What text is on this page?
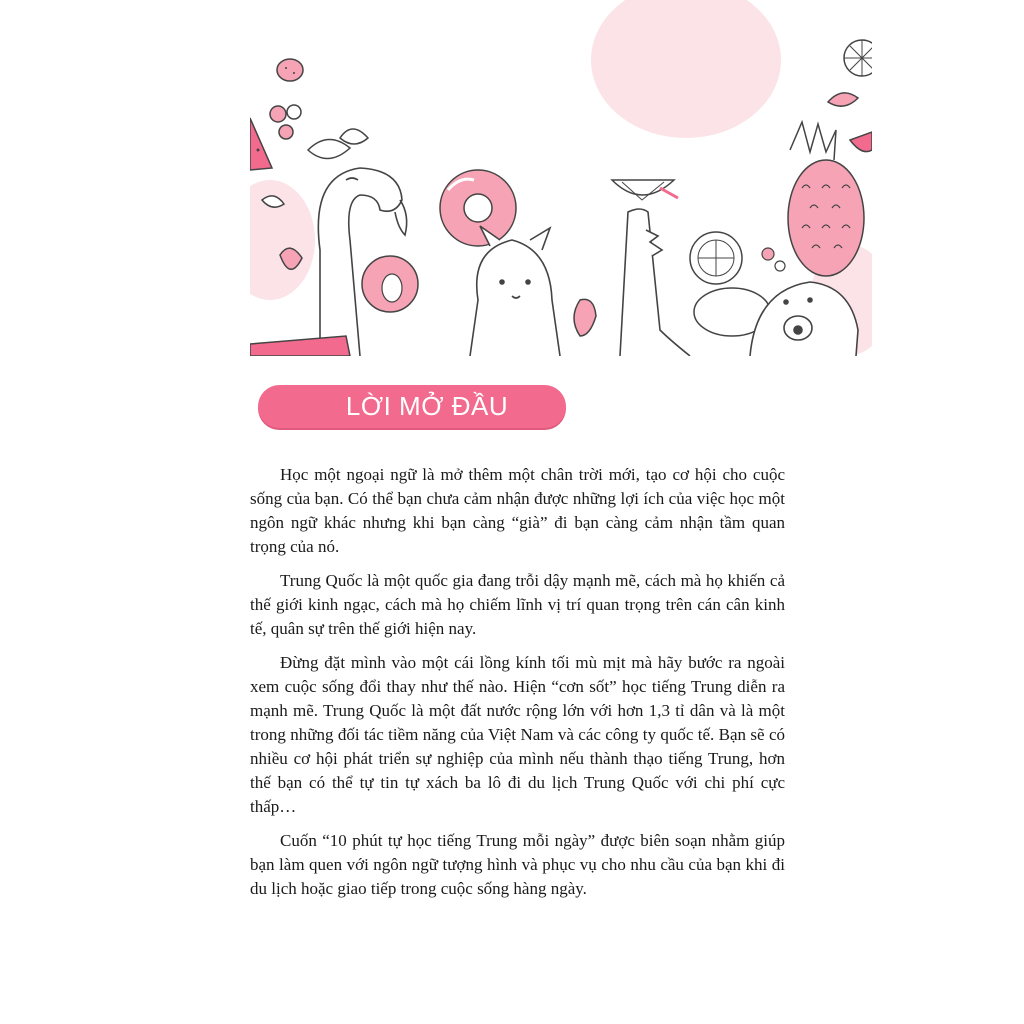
LỜI MỞ ĐẦU

Học một ngoại ngữ là mở thêm một chân trời mới, tạo cơ hội cho cuộc sống của bạn. Có thể bạn chưa cảm nhận được những lợi ích của việc học một ngôn ngữ khác nhưng khi bạn càng “già” đi bạn càng cảm nhận tầm quan trọng của nó.

Trung Quốc là một quốc gia đang trỗi dậy mạnh mẽ, cách mà họ khiến cả thế giới kinh ngạc, cách mà họ chiếm lĩnh vị trí quan trọng trên cán cân kinh tế, quân sự trên thế giới hiện nay.

Đừng đặt mình vào một cái lồng kính tối mù mịt mà hãy bước ra ngoài xem cuộc sống đổi thay như thế nào. Hiện “cơn sốt” học tiếng Trung diễn ra mạnh mẽ. Trung Quốc là một đất nước rộng lớn với hơn 1,3 tỉ dân và là một trong những đối tác tiềm năng của Việt Nam và các công ty quốc tế. Bạn sẽ có nhiều cơ hội phát triển sự nghiệp của mình nếu thành thạo tiếng Trung, hơn thế bạn có thể tự tin tự xách ba lô đi du lịch Trung Quốc với chi phí cực thấp…

Cuốn “10 phút tự học tiếng Trung mỗi ngày” được biên soạn nhằm giúp bạn làm quen với ngôn ngữ tượng hình và phục vụ cho nhu cầu của bạn khi đi du lịch hoặc giao tiếp trong cuộc sống hàng ngày.
